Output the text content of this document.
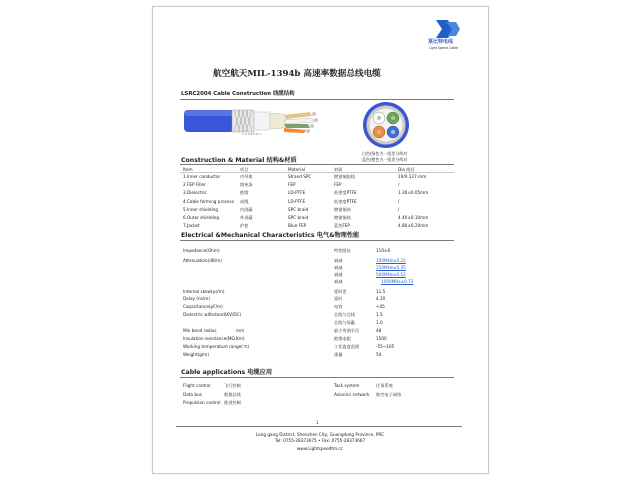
莱比特电线
Light Speed Cable
航空航天MIL-1394b 高速率数据总线电缆
LSRC2004 Cable Construction 线缆结构
1 2 3 4 5 6 7
白色/绿色为一组差分线对
蓝色/橙色为一组差分线对
Construction & Material 结构&材质
Item	项目	Material	材质	Dia 线径
1.Inner conductor	内导体	Strand SPC	镀银铜绞线	19/0.127 mm
2.FEP Filler	填充条	FEP	FEP	/
3.Dielectric	绝缘	LD-PTFE	低密度PTFE	1.30±0.05mm
4.Cable forming process 成缆	LD-PTFE	低密度PTFE	/
5.Inner shielding	内屏蔽	SPC braid	镀银铜丝	/
6.Outer shielding	外屏蔽	SPC braid	镀银铜丝	4.40±0.10mm
7.Jacket	护套	Blue FEP	蓝色FEP	4.80±0.20mm
Electrical &Mechanical Characteristics 电气&物理性能
Impedance(Ohm)	特性阻抗	110±6
Attenuation(dB/m)	衰减	100MHz≤0.22
衰减	250MHz≤0.35
衰减	500MHz≤0.52
衰减	1000MHz≤0.73
Internal skew(ps/m)	延时差	11.5
Delay (ns/m)	延时	4.20
Capacitance(pF/m)	电容	<45
Dielectric withstand(KV/DC)	芯线与芯线	1.5
芯线与屏蔽	1.0
Min bend radius	mm	最小弯曲半径	48
Insulation resistance(MΩ.Km)	绝缘电阻	1500
Working temperature range(℃)	工作温度范围	-55~165
Weight(g/m)	重量	54
Cable applications 电缆应用
Flight control	飞行控制	Task system	任务系统
Data bus	数据总线	Avionics network 航空电子网络
Propulsion control 推进控制
1
Long gang District, Shenzhen City, Guangdong Province, PRC
Tel: 0755-28373675 • Fax: 0755-28373667
www.Lightspeedtm.cc
